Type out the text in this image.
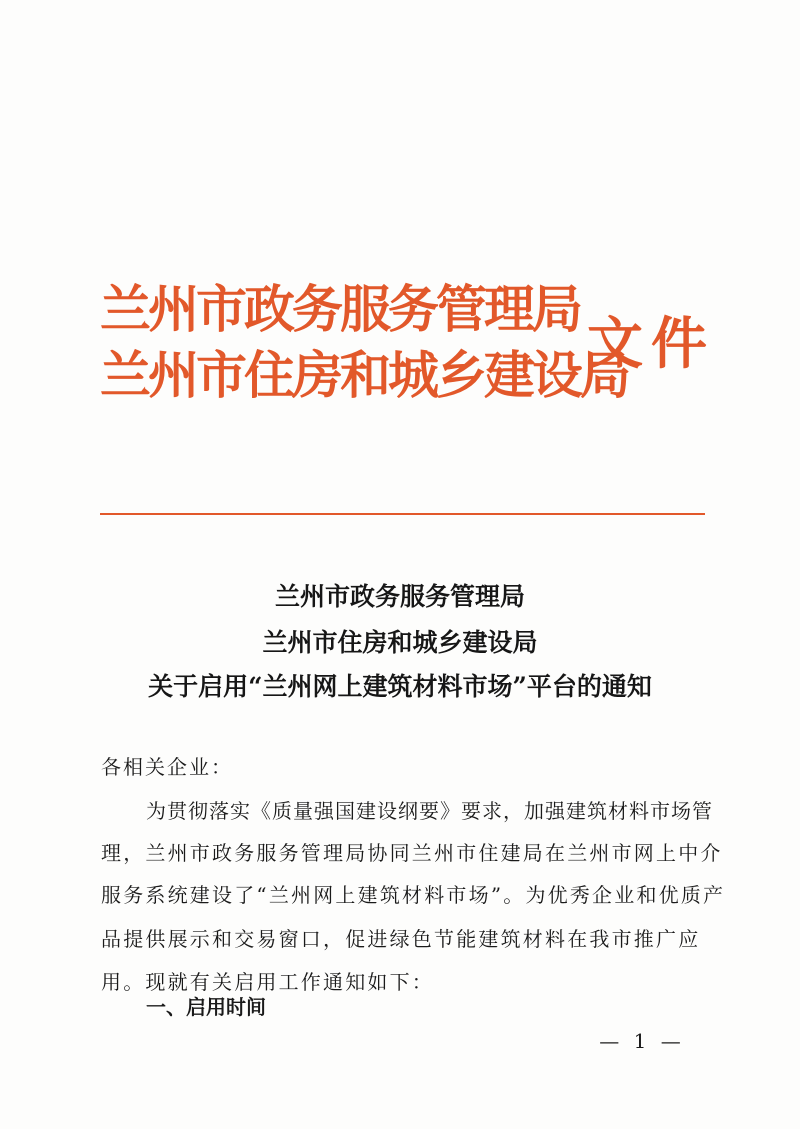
兰州市政务服务管理局
兰州市住房和城乡建设局
文件
兰州市政务服务管理局
兰州市住房和城乡建设局
关于启用“兰州网上建筑材料市场”平台的通知
各相关企业：
为贯彻落实《质量强国建设纲要》要求，加强建筑材料市场管
理，兰州市政务服务管理局协同兰州市住建局在兰州市网上中介
服务系统建设了“兰州网上建筑材料市场”。为优秀企业和优质产
品提供展示和交易窗口，促进绿色节能建筑材料在我市推广应
用。现就有关启用工作通知如下：
一、启用时间
— 1 —
